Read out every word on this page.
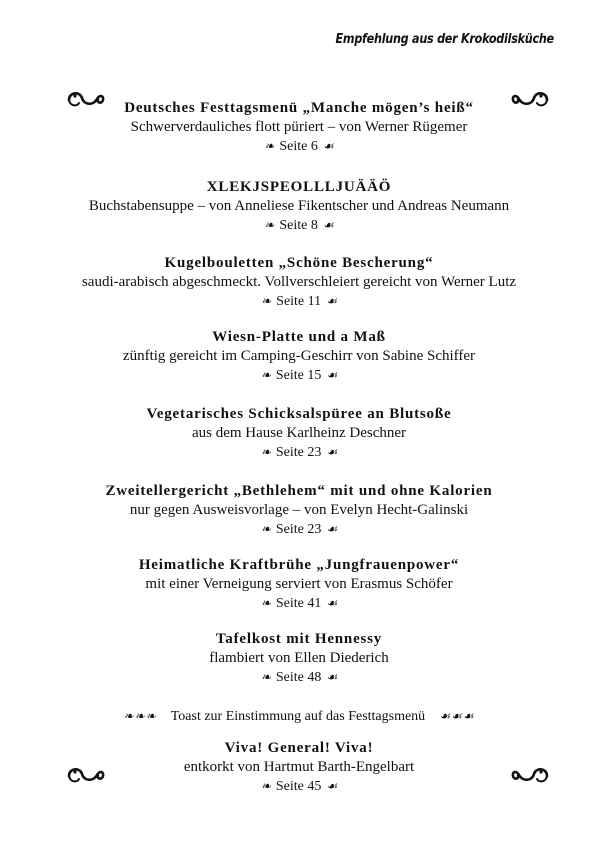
Empfehlung aus der Krokodilsküche
Deutsches Festtagsmenü „Manche mögen’s heiß“
Schwerverdauliches flott püriert – von Werner Rügemer
❧ Seite 6 ☙
XLEKJSPEOLLLJUÄÄÖ
Buchstabensuppe – von Anneliese Fikentscher und Andreas Neumann
❧ Seite 8 ☙
Kugelbouletten „Schöne Bescherung“
saudi-arabisch abgeschmeckt. Vollverschleiert gereicht von Werner Lutz
❧ Seite 11 ☙
Wiesn-Platte und a Maß
zünftig gereicht im Camping-Geschirr von Sabine Schiffer
❧ Seite 15 ☙
Vegetarisches Schicksalspüree an Blutsoße
aus dem Hause Karlheinz Deschner
❧ Seite 23 ☙
Zweitellergericht „Bethlehem“ mit und ohne Kalorien
nur gegen Ausweisvorlage – von Evelyn Hecht-Galinski
❧ Seite 23 ☙
Heimatliche Kraftbrühe „Jungfrauenpower“
mit einer Verneigung serviert von Erasmus Schöfer
❧ Seite 41 ☙
Tafelkost mit Hennessy
flambiert von Ellen Diederich
❧ Seite 48 ☙
❧❧❧ Toast zur Einstimmung auf das Festtagsmenü ☙☙☙
Viva! General! Viva!
entkorkt von Hartmut Barth-Engelbart
❧ Seite 45 ☙
